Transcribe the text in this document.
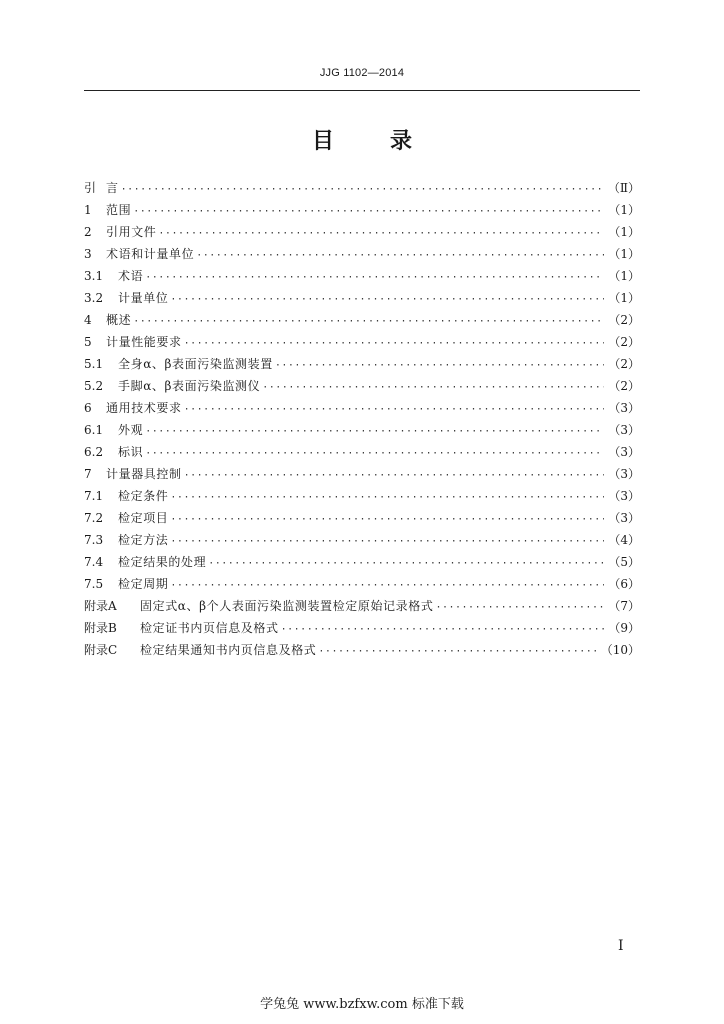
JJG 1102—2014
目	录
引 言 ·····	（Ⅱ）
1	范围 ·····	（1）
2	引用文件 ·····	（1）
3	术语和计量单位 ·····	（1）
3.1	术语 ·····	（1）
3.2	计量单位 ·····	（1）
4	概述 ·····	（2）
5	计量性能要求 ·····	（2）
5.1	全身α、β表面污染监测装置 ·····	（2）
5.2	手脚α、β表面污染监测仪 ·····	（2）
6	通用技术要求 ·····	（3）
6.1	外观 ·····	（3）
6.2	标识 ·····	（3）
7	计量器具控制 ·····	（3）
7.1	检定条件 ·····	（3）
7.2	检定项目 ·····	（3）
7.3	检定方法 ·····	（4）
7.4	检定结果的处理 ·····	（5）
7.5	检定周期 ·····	（6）
附录A	固定式α、β个人表面污染监测装置检定原始记录格式 ·····	（7）
附录B	检定证书内页信息及格式 ·····	（9）
附录C	检定结果通知书内页信息及格式 ·····	（10）
I
学兔兔 www.bzfxw.com 标准下载
